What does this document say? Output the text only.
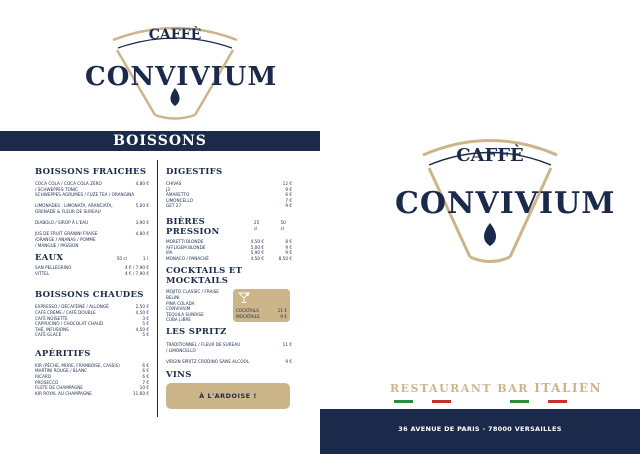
CAFFÈ
CONVIVIUM
BOISSONS
BOISSONS FRAICHES
COCA COLA / COCA COLA ZERO	4,80 €
/ SCHWEPPES TONIC
SCHWEPPES AGRUMES / FUZE TEA / ORANGINA

LIMONADES : LIMONATA, ARANCIATA,	5,00 €
GRENADE & FLEUR DE SUREAU

DIABOLO / SIROP À L'EAU	3,90 €

JUS DE FRUIT GRANINI FRAISE	4,80 €
/ORANGE / ANANAS / POMME
/ MANGUE / PASSION
EAUX	50 cl	1 l
SAN PELLEGRINO	4 € / 7,90 €
VITTEL	4 € / 7,90 €
BOISSONS CHAUDES
EXPRESSO / DÉCAFÉINÉ / ALLONGÉ	2,50 €
CAFÉ CRÈME / CAFÉ DOUBLE	4,50 €
CAFÉ NOISETTE	3 €
CAPPUCINO / CHOCOLAT CHAUD	5 €
THÉ, INFUSIONS	4,50 €
CAFÉ GLACÉ	5 €
APÉRITIFS
KIR (PÊCHE, MÛRE, FRAMBOISE, CASSIS)	6 €
MARTINI ROUGE / BLANC	6 €
RICARD	6 €
PROSECCO	7 €
FLÛTE DE CHAMPAGNE	10 €
KIR ROYAL AU CHAMPAGNE	11,60 €
DIGESTIFS
CHIVAS	12 €
J3	9 €
AMARETTO	6 €
LIMONCELLO	7 €
GET 27	9 €
BIÈRES PRESSION
25 cl
50 cl
MORETTI BLONDE	4,50 €	8 €
AFFLIGEM BLONDE	5,00 €	9 €
IPA	5,90 €	9 €
MONACO / PANACHÉ	4,50 €	8,50 €
COCKTAILS ET MOCKTAILS
MOJITO CLASSIC / FRAISE
BELINI
PINA COLADA
CONVIVIUM
TEQUILA SUNRISE
CUBA LIBRE
COCKTAILS	11 €
MOCKTAILS	9 €
LES SPRITZ
TRADITIONNEL / FLEUR DE SUREAU	11 €
/ LIMONCELLO

VIRGIN SPRITZ CRODINO SANS ALCOOL	9 €
VINS
À L'ARDOISE !
CAFFÈ
CONVIVIUM
RESTAURANT BAR ITALIEN
36 AVENUE DE PARIS - 78000 VERSAILLES
